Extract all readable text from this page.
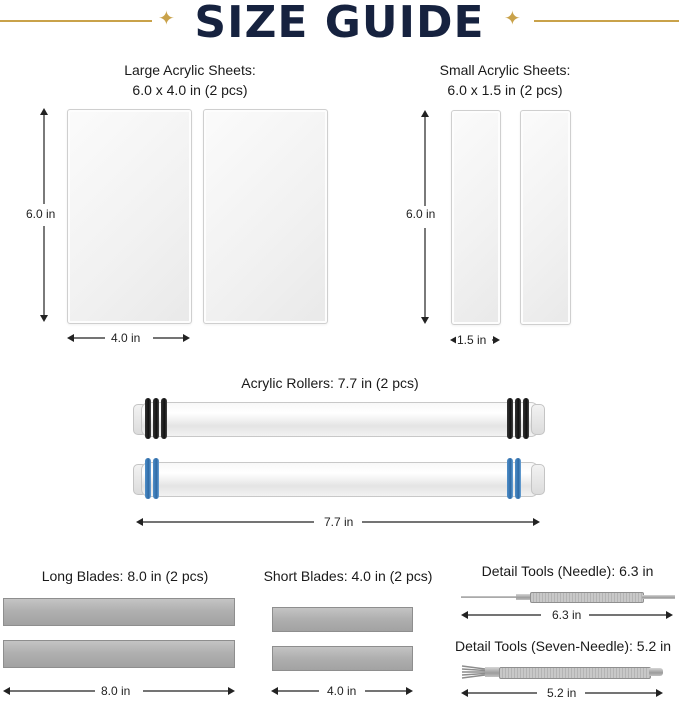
✦ SIZE GUIDE ✦
Large Acrylic Sheets:
6.0 x 4.0 in (2 pcs)
6.0 in
4.0 in
Small Acrylic Sheets:
6.0 x 1.5 in (2 pcs)
6.0 in
1.5 in
Acrylic Rollers: 7.7 in (2 pcs)
7.7 in
Long Blades: 8.0 in (2 pcs)
8.0 in
Short Blades: 4.0 in (2 pcs)
4.0 in
Detail Tools (Needle): 6.3 in
6.3 in
Detail Tools (Seven-Needle): 5.2 in
5.2 in
